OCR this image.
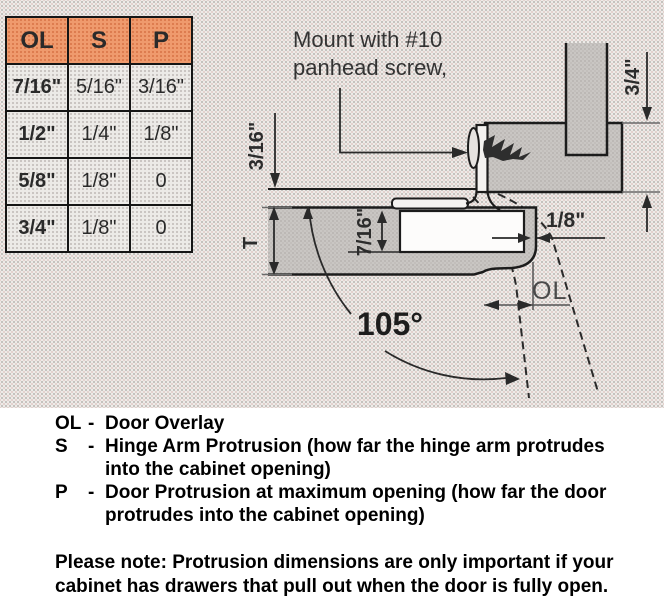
OL	S	P
7/16"	5/16"	3/16"
1/2"	1/4"	1/8"
5/8"	1/8"	0
3/4"	1/8"	0
Mount with #10
panhead screw,
3/16"
T	7/16"
3/4"
1/8"
OL
105°
OL - Door Overlay
S	- Hinge Arm Protrusion (how far the hinge arm protrudes into the cabinet opening)
P	- Door Protrusion at maximum opening (how far the door protrudes into the cabinet opening)
Please note: Protrusion dimensions are only important if your cabinet has drawers that pull out when the door is fully open.
